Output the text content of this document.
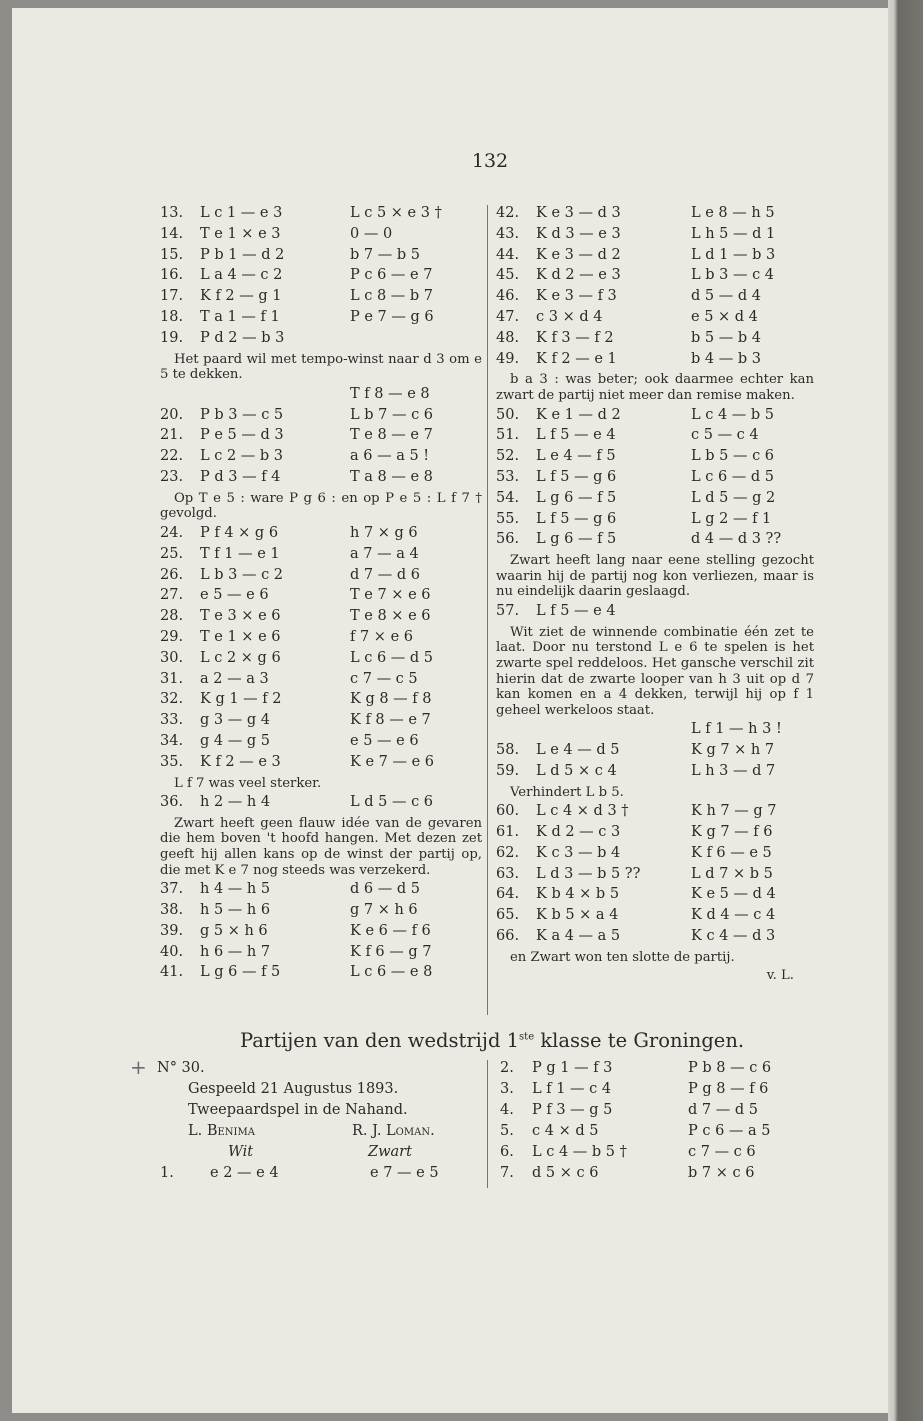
132
13. L c 1 — e 3	L c 5 × e 3 †
14. T e 1 × e 3	0 — 0
15. P b 1 — d 2	b 7 — b 5
16. L a 4 — c 2	P c 6 — e 7
17. K f 2 — g 1	L c 8 — b 7
18. T a 1 — f 1	P e 7 — g 6
19. P d 2 — b 3

Het paard wil met tempo-winst naar d 3 om e 5 te dekken.

T f 8 — e 8
20. P b 3 — c 5	L b 7 — c 6
21. P e 5 — d 3	T e 8 — e 7
22. L c 2 — b 3	a 6 — a 5 !
23. P d 3 — f 4	T a 8 — e 8

Op T e 5 : ware P g 6 : en op P e 5 : L f 7 † gevolgd.

24. P f 4 × g 6	h 7 × g 6
25. T f 1 — e 1	a 7 — a 4
26. L b 3 — c 2	d 7 — d 6
27. e 5 — e 6	T e 7 × e 6
28. T e 3 × e 6	T e 8 × e 6
29. T e 1 × e 6	f 7 × e 6
30. L c 2 × g 6	L c 6 — d 5
31. a 2 — a 3	c 7 — c 5
32. K g 1 — f 2	K g 8 — f 8
33. g 3 — g 4	K f 8 — e 7
34. g 4 — g 5	e 5 — e 6
35. K f 2 — e 3	K e 7 — e 6

L f 7 was veel sterker.

36. h 2 — h 4	L d 5 — c 6

Zwart heeft geen flauw idée van de gevaren die hem boven 't hoofd hangen. Met dezen zet geeft hij allen kans op de winst der partij op, die met K e 7 nog steeds was verzekerd.

37. h 4 — h 5	d 6 — d 5
38. h 5 — h 6	g 7 × h 6
39. g 5 × h 6	K e 6 — f 6
40. h 6 — h 7	K f 6 — g 7
41. L g 6 — f 5	L c 6 — e 8
42. K e 3 — d 3	L e 8 — h 5
43. K d 3 — e 3	L h 5 — d 1
44. K e 3 — d 2	L d 1 — b 3
45. K d 2 — e 3	L b 3 — c 4
46. K e 3 — f 3	d 5 — d 4
47. c 3 × d 4	e 5 × d 4
48. K f 3 — f 2	b 5 — b 4
49. K f 2 — e 1	b 4 — b 3

b a 3 : was beter; ook daarmee echter kan zwart de partij niet meer dan remise maken.

50. K e 1 — d 2	L c 4 — b 5
51. L f 5 — e 4	c 5 — c 4
52. L e 4 — f 5	L b 5 — c 6
53. L f 5 — g 6	L c 6 — d 5
54. L g 6 — f 5	L d 5 — g 2
55. L f 5 — g 6	L g 2 — f 1
56. L g 6 — f 5	d 4 — d 3 ??

Zwart heeft lang naar eene stelling gezocht waarin hij de partij nog kon verliezen, maar is nu eindelijk daarin geslaagd.

57. L f 5 — e 4

Wit ziet de winnende combinatie één zet te laat. Door nu terstond L e 6 te spelen is het zwarte spel reddeloos. Het gansche verschil zit hierin dat de zwarte looper van h 3 uit op d 7 kan komen en a 4 dekken, terwijl hij op f 1 geheel werkeloos staat.

L f 1 — h 3 !
58. L e 4 — d 5	K g 7 × h 7
59. L d 5 × c 4	L h 3 — d 7

Verhindert L b 5.

60. L c 4 × d 3 †	K h 7 — g 7
61. K d 2 — c 3	K g 7 — f 6
62. K c 3 — b 4	K f 6 — e 5
63. L d 3 — b 5 ??	L d 7 × b 5
64. K b 4 × b 5	K e 5 — d 4
65. K b 5 × a 4	K d 4 — c 4
66. K a 4 — a 5	K c 4 — d 3

en Zwart won ten slotte de partij.

v. L.

Partijen van den wedstrijd 1ste klasse te Groningen.
+ N° 30.
Gespeeld 21 Augustus 1893.
Tweepaardspel in de Nahand.
L. Benima	R. J. Loman.
Wit	Zwart
1. e 2 — e 4	e 7 — e 5
2. P g 1 — f 3	P b 8 — c 6
3. L f 1 — c 4	P g 8 — f 6
4. P f 3 — g 5	d 7 — d 5
5. c 4 × d 5	P c 6 — a 5
6. L c 4 — b 5 †	c 7 — c 6
7. d 5 × c 6	b 7 × c 6
